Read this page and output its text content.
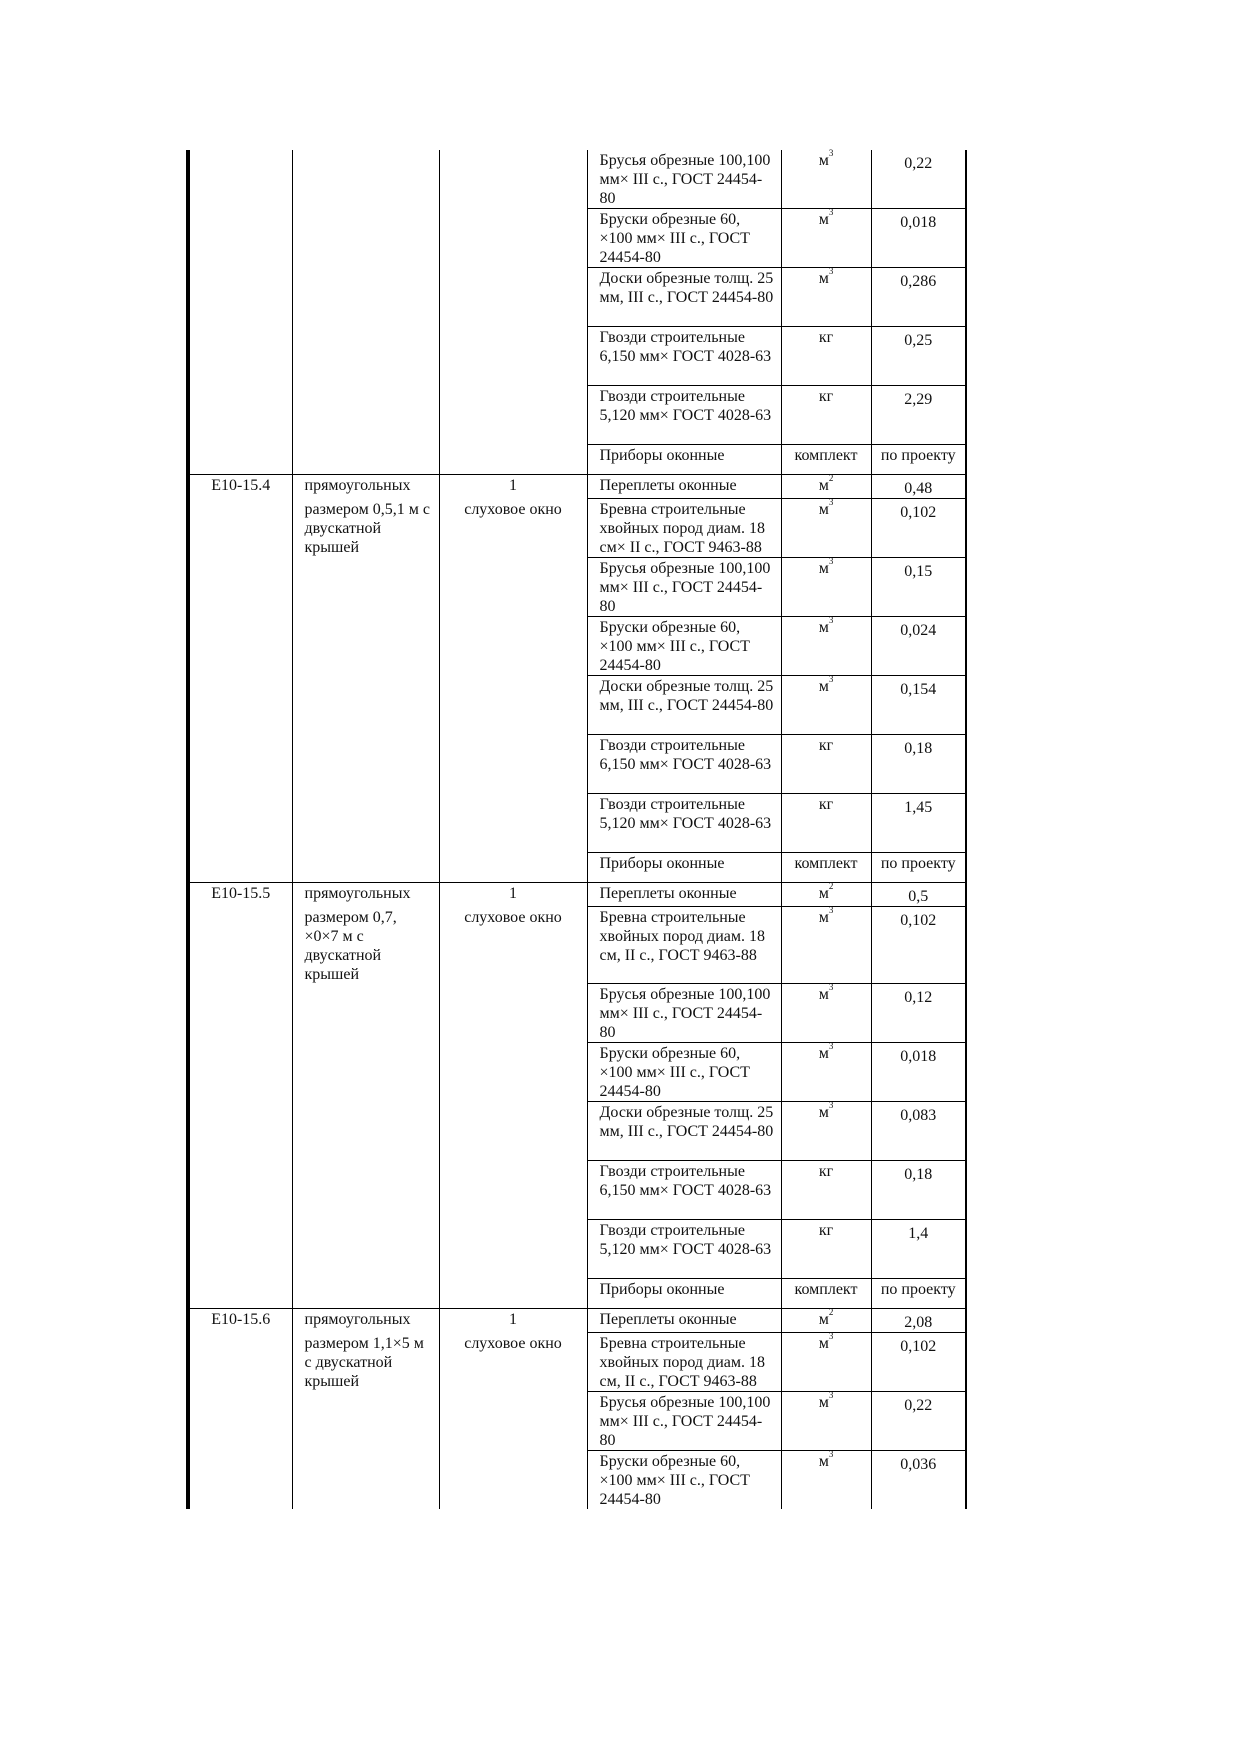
			Брусья обрезные 100,100 мм× III с., ГОСТ 24454-80	$м^3$	0,22
			Бруски обрезные 60, ×100 мм× III с., ГОСТ 24454-80	$м^3$	0,018
			Доски обрезные толщ. 25 мм, III с., ГОСТ 24454-80	$м^3$	0,286
			Гвозди строительные 6,150 мм× ГОСТ 4028-63	кг	0,25
			Гвозди строительные 5,120 мм× ГОСТ 4028-63	кг	2,29
			Приборы оконные	комплект	по проекту
Е10-15.4	прямоугольных	1	Переплеты оконные	$м^2$	0,48
	размером 0,5,1 м с двускатной крышей	слуховое окно	Бревна строительные хвойных пород диам. 18 см× II с., ГОСТ 9463-88	$м^3$	0,102
			Брусья обрезные 100,100 мм× III с., ГОСТ 24454-80	$м^3$	0,15
			Бруски обрезные 60, ×100 мм× III с., ГОСТ 24454-80	$м^3$	0,024
			Доски обрезные толщ. 25 мм, III с., ГОСТ 24454-80	$м^3$	0,154
			Гвозди строительные 6,150 мм× ГОСТ 4028-63	кг	0,18
			Гвозди строительные 5,120 мм× ГОСТ 4028-63	кг	1,45
			Приборы оконные	комплект	по проекту
Е10-15.5	прямоугольных	1	Переплеты оконные	$м^2$	0,5
	размером 0,7, ×0×7 м с двускатной крышей	слуховое окно	Бревна строительные хвойных пород диам. 18 см, II с., ГОСТ 9463-88	$м^3$	0,102
			Брусья обрезные 100,100 мм× III с., ГОСТ 24454-80	$м^3$	0,12
			Бруски обрезные 60, ×100 мм× III с., ГОСТ 24454-80	$м^3$	0,018
			Доски обрезные толщ. 25 мм, III с., ГОСТ 24454-80	$м^3$	0,083
			Гвозди строительные 6,150 мм× ГОСТ 4028-63	кг	0,18
			Гвозди строительные 5,120 мм× ГОСТ 4028-63	кг	1,4
			Приборы оконные	комплект	по проекту
Е10-15.6	прямоугольных	1	Переплеты оконные	$м^2$	2,08
	размером 1,1×5 м с двускатной крышей	слуховое окно	Бревна строительные хвойных пород диам. 18 см, II с., ГОСТ 9463-88	$м^3$	0,102
			Брусья обрезные 100,100 мм× III с., ГОСТ 24454-80	$м^3$	0,22
			Бруски обрезные 60, ×100 мм× III с., ГОСТ 24454-80	$м^3$	0,036
